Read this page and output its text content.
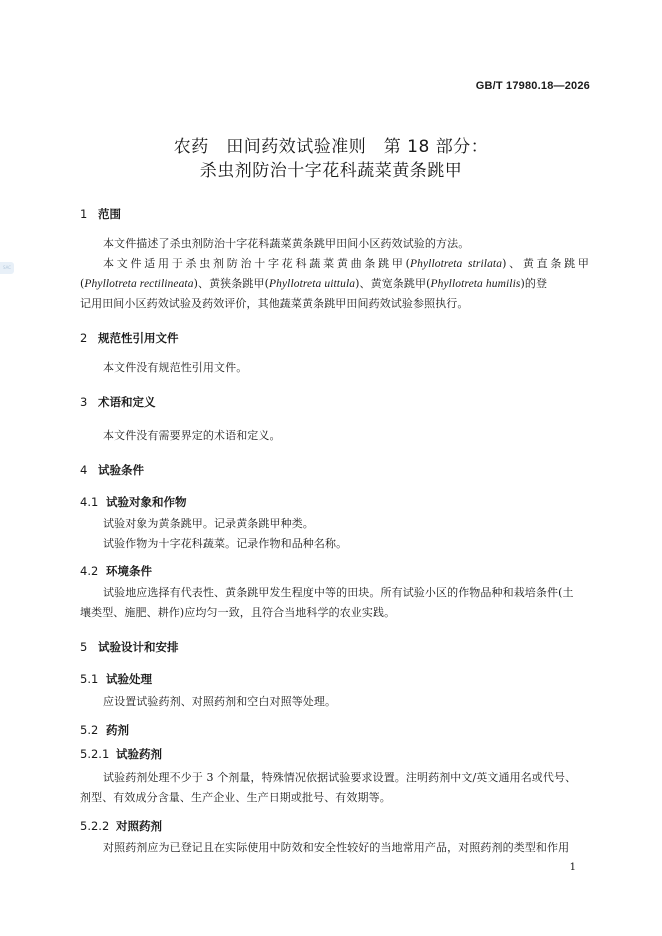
GB/T 17980.18—2026
农药　田间药效试验准则　第 18 部分：
杀虫剂防治十字花科蔬菜黄条跳甲
SAC
1 范围
本文件描述了杀虫剂防治十字花科蔬菜黄条跳甲田间小区药效试验的方法。
本文件适用于杀虫剂防治十字花科蔬菜黄曲条跳甲(Phyllotreta strilata)、黄直条跳甲
(Phyllotreta rectilineata)、黄狭条跳甲(Phyllotreta uittula)、黄宽条跳甲(Phyllotreta humilis)的登
记用田间小区药效试验及药效评价，其他蔬菜黄条跳甲田间药效试验参照执行。
2 规范性引用文件
本文件没有规范性引用文件。
3 术语和定义
本文件没有需要界定的术语和定义。
4 试验条件
4.1 试验对象和作物
试验对象为黄条跳甲。记录黄条跳甲种类。
试验作物为十字花科蔬菜。记录作物和品种名称。
4.2 环境条件
试验地应选择有代表性、黄条跳甲发生程度中等的田块。所有试验小区的作物品种和栽培条件(土
壤类型、施肥、耕作)应均匀一致，且符合当地科学的农业实践。
5 试验设计和安排
5.1 试验处理
应设置试验药剂、对照药剂和空白对照等处理。
5.2 药剂
5.2.1 试验药剂
试验药剂处理不少于 3 个剂量，特殊情况依据试验要求设置。注明药剂中文/英文通用名或代号、
剂型、有效成分含量、生产企业、生产日期或批号、有效期等。
5.2.2 对照药剂
对照药剂应为已登记且在实际使用中防效和安全性较好的当地常用产品，对照药剂的类型和作用
1
